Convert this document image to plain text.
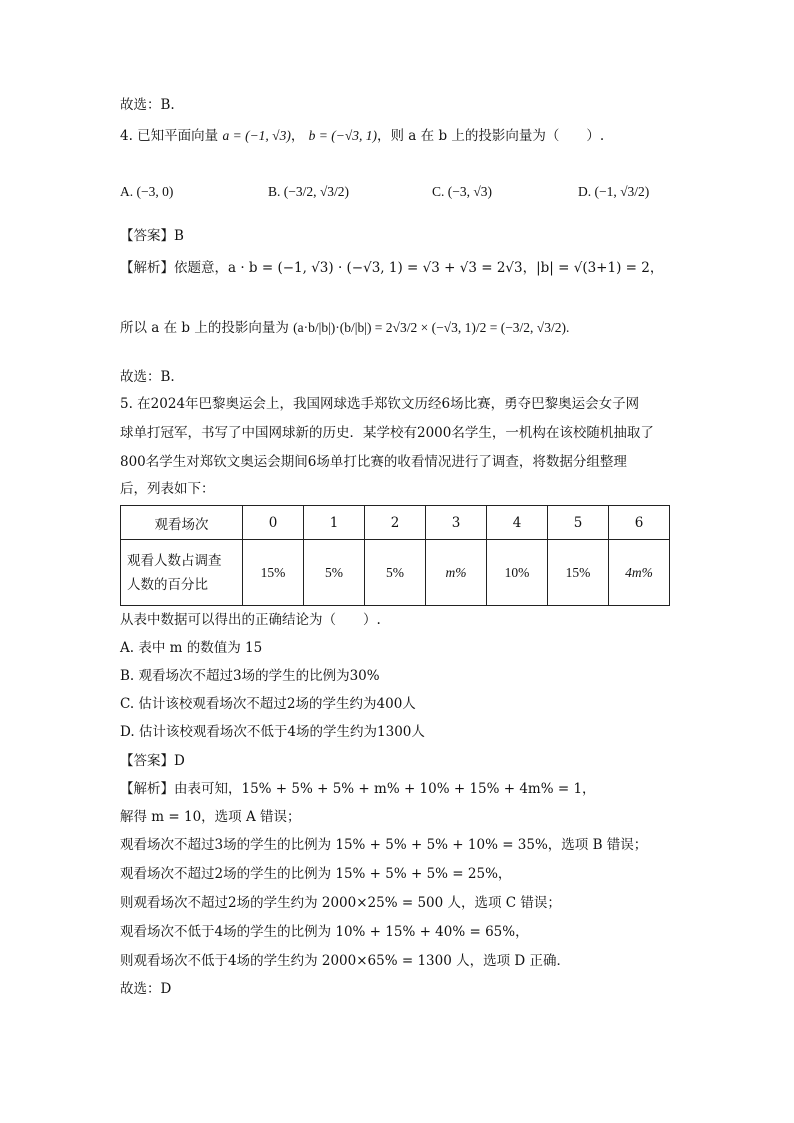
故选：B.
4. 已知平面向量 a = (−1, √3)， b = (−√3, 1)，则 a 在 b 上的投影向量为（　　）.
A. (−3, 0)	B. (−3/2, √3/2)	C. (−3, √3)	D. (−1, √3/2)
【答案】B
【解析】依题意，a · b = (−1, √3) · (−√3, 1) = √3 + √3 = 2√3，|b| = √(3+1) = 2，
所以 a 在 b 上的投影向量为 (a·b/|b|)·(b/|b|) = 2√3/2 × (−√3, 1)/2 = (−3/2, √3/2).
故选：B.
5. 在2024年巴黎奥运会上，我国网球选手郑钦文历经6场比赛，勇夺巴黎奥运会女子网
球单打冠军，书写了中国网球新的历史．某学校有2000名学生，一机构在该校随机抽取了
800名学生对郑钦文奥运会期间6场单打比赛的收看情况进行了调查，将数据分组整理
后，列表如下：
观看场次	0	1	2	3	4	5	6

观看人数占调查
人数的百分比	15%	5%	5%	m%	10%	15%	4m%
从表中数据可以得出的正确结论为（　　）.
A. 表中 m 的数值为 15
B. 观看场次不超过3场的学生的比例为30%
C. 估计该校观看场次不超过2场的学生约为400人
D. 估计该校观看场次不低于4场的学生约为1300人
【答案】D
【解析】由表可知，15% + 5% + 5% + m% + 10% + 15% + 4m% = 1，
解得 m = 10，选项 A 错误；
观看场次不超过3场的学生的比例为 15% + 5% + 5% + 10% = 35%，选项 B 错误；
观看场次不超过2场的学生的比例为 15% + 5% + 5% = 25%，
则观看场次不超过2场的学生约为 2000×25% = 500 人，选项 C 错误；
观看场次不低于4场的学生的比例为 10% + 15% + 40% = 65%，
则观看场次不低于4场的学生约为 2000×65% = 1300 人，选项 D 正确．
故选：D
